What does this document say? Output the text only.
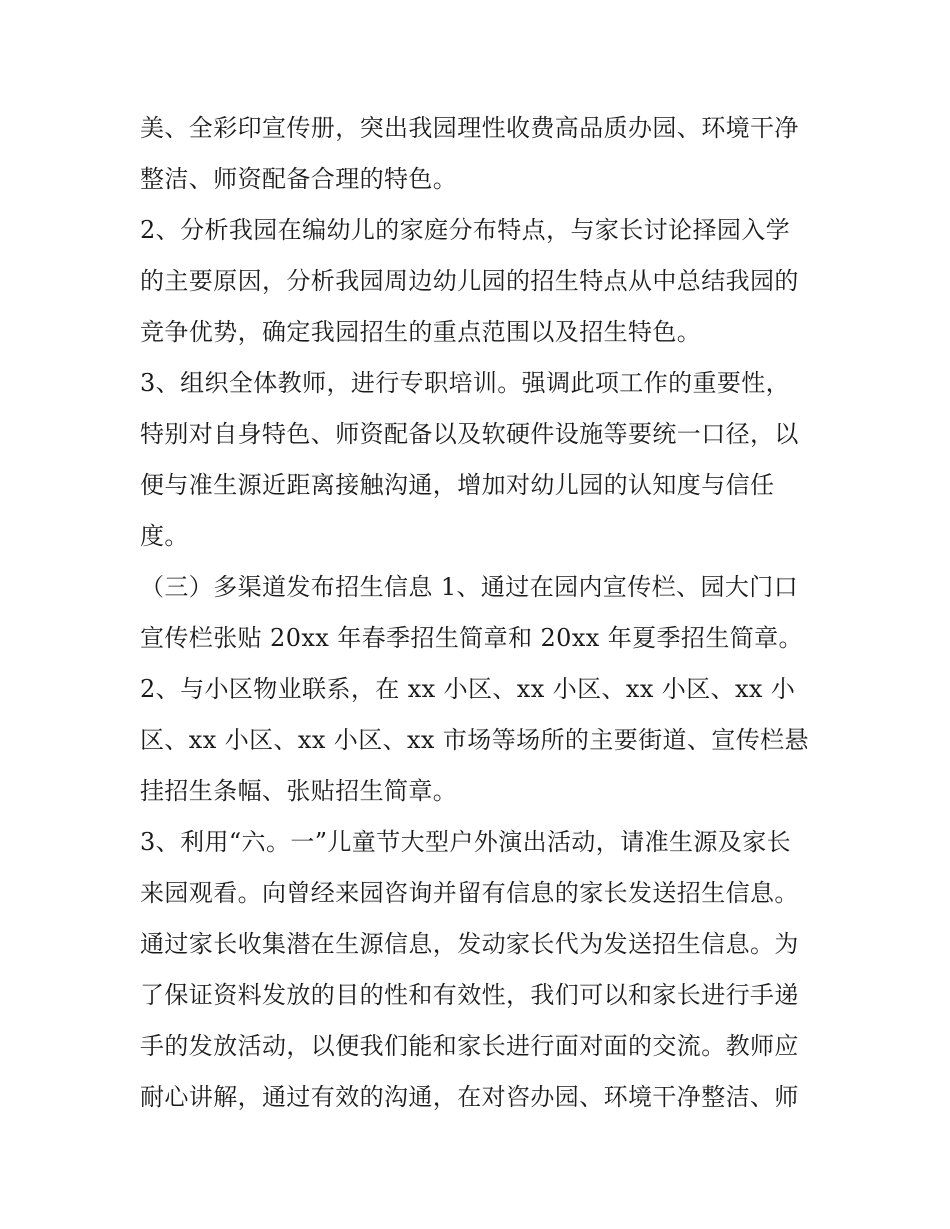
美、全彩印宣传册，突出我园理性收费高品质办园、环境干净
整洁、师资配备合理的特色。
2、分析我园在编幼儿的家庭分布特点，与家长讨论择园入学
的主要原因，分析我园周边幼儿园的招生特点从中总结我园的
竞争优势，确定我园招生的重点范围以及招生特色。
3、组织全体教师，进行专职培训。强调此项工作的重要性，
特别对自身特色、师资配备以及软硬件设施等要统一口径，以
便与准生源近距离接触沟通，增加对幼儿园的认知度与信任
度。
（三）多渠道发布招生信息 1、通过在园内宣传栏、园大门口
宣传栏张贴 20xx 年春季招生简章和 20xx 年夏季招生简章。
2、与小区物业联系，在 xx 小区、xx 小区、xx 小区、xx 小
区、xx 小区、xx 小区、xx 市场等场所的主要街道、宣传栏悬
挂招生条幅、张贴招生简章。
3、利用“六。一”儿童节大型户外演出活动，请准生源及家长
来园观看。向曾经来园咨询并留有信息的家长发送招生信息。
通过家长收集潜在生源信息，发动家长代为发送招生信息。为
了保证资料发放的目的性和有效性，我们可以和家长进行手递
手的发放活动，以便我们能和家长进行面对面的交流。教师应
耐心讲解，通过有效的沟通，在对咨办园、环境干净整洁、师
